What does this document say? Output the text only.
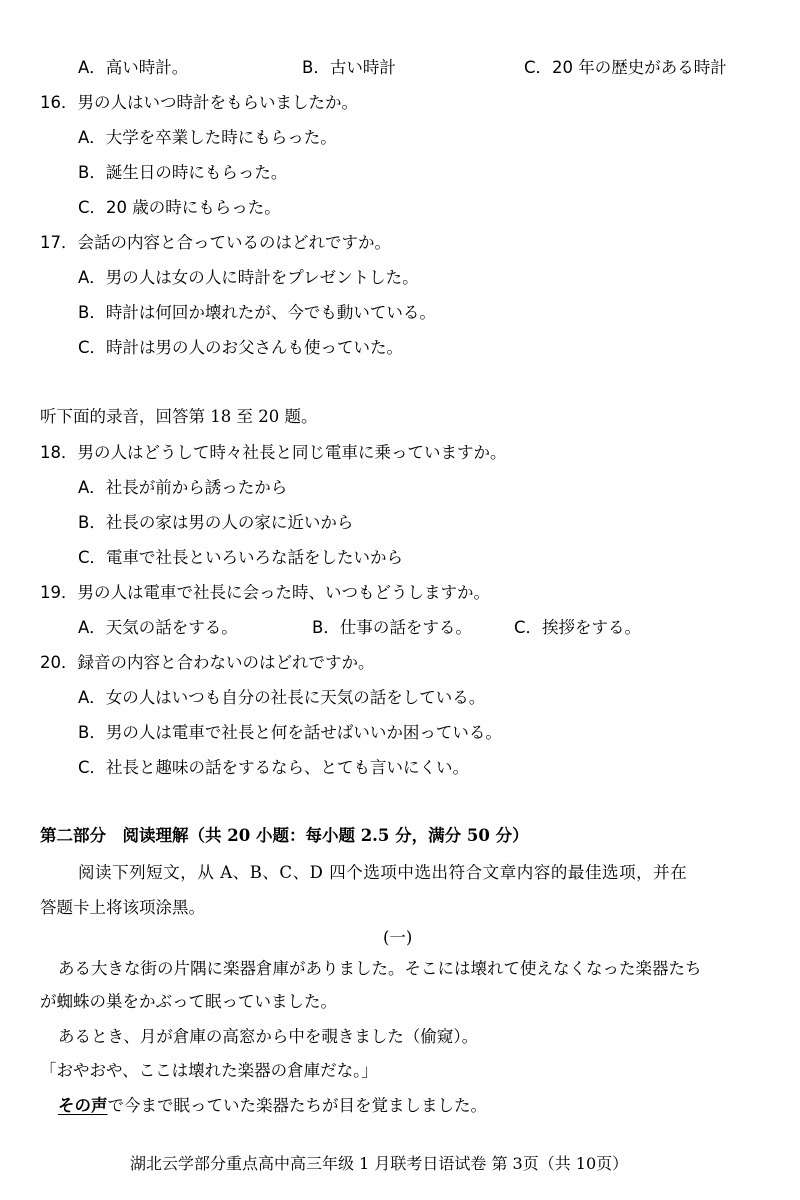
A．高い時計。	B．古い時計	C．20 年の歴史がある時計
16．男の人はいつ時計をもらいましたか。
A．大学を卒業した時にもらった。
B．誕生日の時にもらった。
C．20 歳の時にもらった。
17．会話の内容と合っているのはどれですか。
A．男の人は女の人に時計をプレゼントした。
B．時計は何回か壊れたが、今でも動いている。
C．時計は男の人のお父さんも使っていた。
听下面的录音，回答第 18 至 20 题。
18．男の人はどうして時々社長と同じ電車に乗っていますか。
A．社長が前から誘ったから
B．社長の家は男の人の家に近いから
C．電車で社長といろいろな話をしたいから
19．男の人は電車で社長に会った時、いつもどうしますか。
A．天気の話をする。	B．仕事の話をする。	C．挨拶をする。
20．録音の内容と合わないのはどれですか。
A．女の人はいつも自分の社長に天気の話をしている。
B．男の人は電車で社長と何を話せばいいか困っている。
C．社長と趣味の話をするなら、とても言いにくい。
第二部分　阅读理解（共 20 小题：每小题 2.5 分，满分 50 分）
阅读下列短文，从 A、B、C、D 四个选项中选出符合文章内容的最佳选项，并在
答题卡上将该项涂黑。
(一)
ある大きな街の片隅に楽器倉庫がありました。そこには壊れて使えなくなった楽器たち
が蜘蛛の巣をかぶって眠っていました。
あるとき、月が倉庫の高窓から中を覗きました（偷窥）。
「おやおや、ここは壊れた楽器の倉庫だな。」
その声で今まで眠っていた楽器たちが目を覚ましました。
湖北云学部分重点高中高三年级 1 月联考日语试卷 第 3页（共 10页）
